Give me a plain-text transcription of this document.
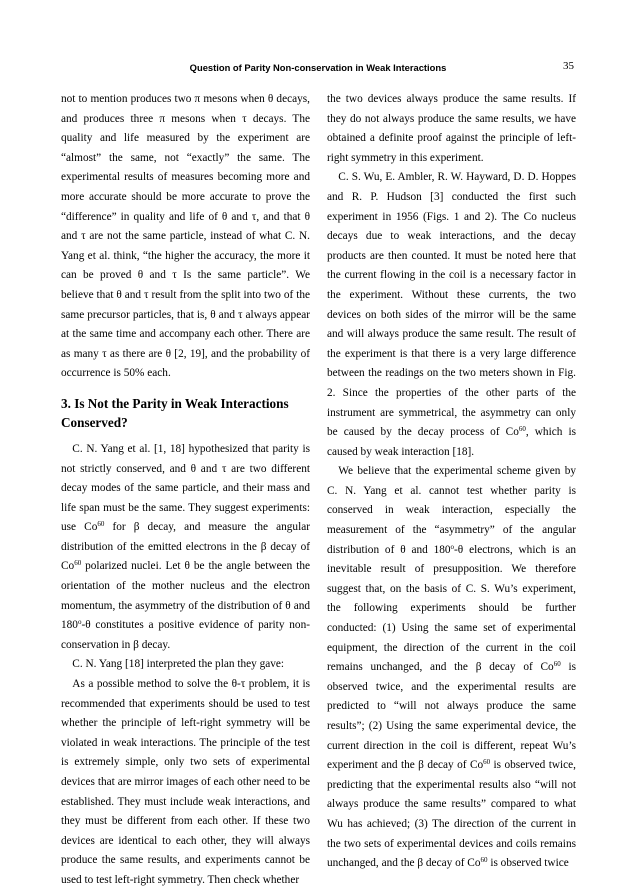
Question of Parity Non-conservation in Weak Interactions	35

not to mention produces two π mesons when θ decays, and produces three π mesons when τ decays. The quality and life measured by the experiment are “almost” the same, not “exactly” the same. The experimental results of measures becoming more and more accurate should be more accurate to prove the “difference” in quality and life of θ and τ, and that θ and τ are not the same particle, instead of what C. N. Yang et al. think, “the higher the accuracy, the more it can be proved θ and τ Is the same particle”. We believe that θ and τ result from the split into two of the same precursor particles, that is, θ and τ always appear at the same time and accompany each other. There are as many τ as there are θ [2, 19], and the probability of occurrence is 50% each.

3. Is Not the Parity in Weak Interactions Conserved?

C. N. Yang et al. [1, 18] hypothesized that parity is not strictly conserved, and θ and τ are two different decay modes of the same particle, and their mass and life span must be the same. They suggest experiments: use Co$^{60}$ for β decay, and measure the angular distribution of the emitted electrons in the β decay of Co$^{60}$ polarized nuclei. Let θ be the angle between the orientation of the mother nucleus and the electron momentum, the asymmetry of the distribution of θ and 180$^o$-θ constitutes a positive evidence of parity non-conservation in β decay.

C. N. Yang [18] interpreted the plan they gave:

As a possible method to solve the θ-τ problem, it is recommended that experiments should be used to test whether the principle of left-right symmetry will be violated in weak interactions. The principle of the test is extremely simple, only two sets of experimental devices that are mirror images of each other need to be established. They must include weak interactions, and they must be different from each other. If these two devices are identical to each other, they will always produce the same results, and experiments cannot be used to test left-right symmetry. Then check whether

the two devices always produce the same results. If they do not always produce the same results, we have obtained a definite proof against the principle of left-right symmetry in this experiment.

C. S. Wu, E. Ambler, R. W. Hayward, D. D. Hoppes and R. P. Hudson [3] conducted the first such experiment in 1956 (Figs. 1 and 2). The Co nucleus decays due to weak interactions, and the decay products are then counted. It must be noted here that the current flowing in the coil is a necessary factor in the experiment. Without these currents, the two devices on both sides of the mirror will be the same and will always produce the same result. The result of the experiment is that there is a very large difference between the readings on the two meters shown in Fig. 2. Since the properties of the other parts of the instrument are symmetrical, the asymmetry can only be caused by the decay process of Co$^{60}$, which is caused by weak interaction [18].

We believe that the experimental scheme given by C. N. Yang et al. cannot test whether parity is conserved in weak interaction, especially the measurement of the “asymmetry” of the angular distribution of θ and 180$^o$-θ electrons, which is an inevitable result of presupposition. We therefore suggest that, on the basis of C. S. Wu’s experiment, the following experiments should be further conducted: (1) Using the same set of experimental equipment, the direction of the current in the coil remains unchanged, and the β decay of Co$^{60}$ is observed twice, and the experimental results are predicted to “will not always produce the same results”; (2) Using the same experimental device, the current direction in the coil is different, repeat Wu’s experiment and the β decay of Co$^{60}$ is observed twice, predicting that the experimental results also “will not always produce the same results” compared to what Wu has achieved; (3) The direction of the current in the two sets of experimental devices and coils remains unchanged, and the β decay of Co$^{60}$ is observed twice
